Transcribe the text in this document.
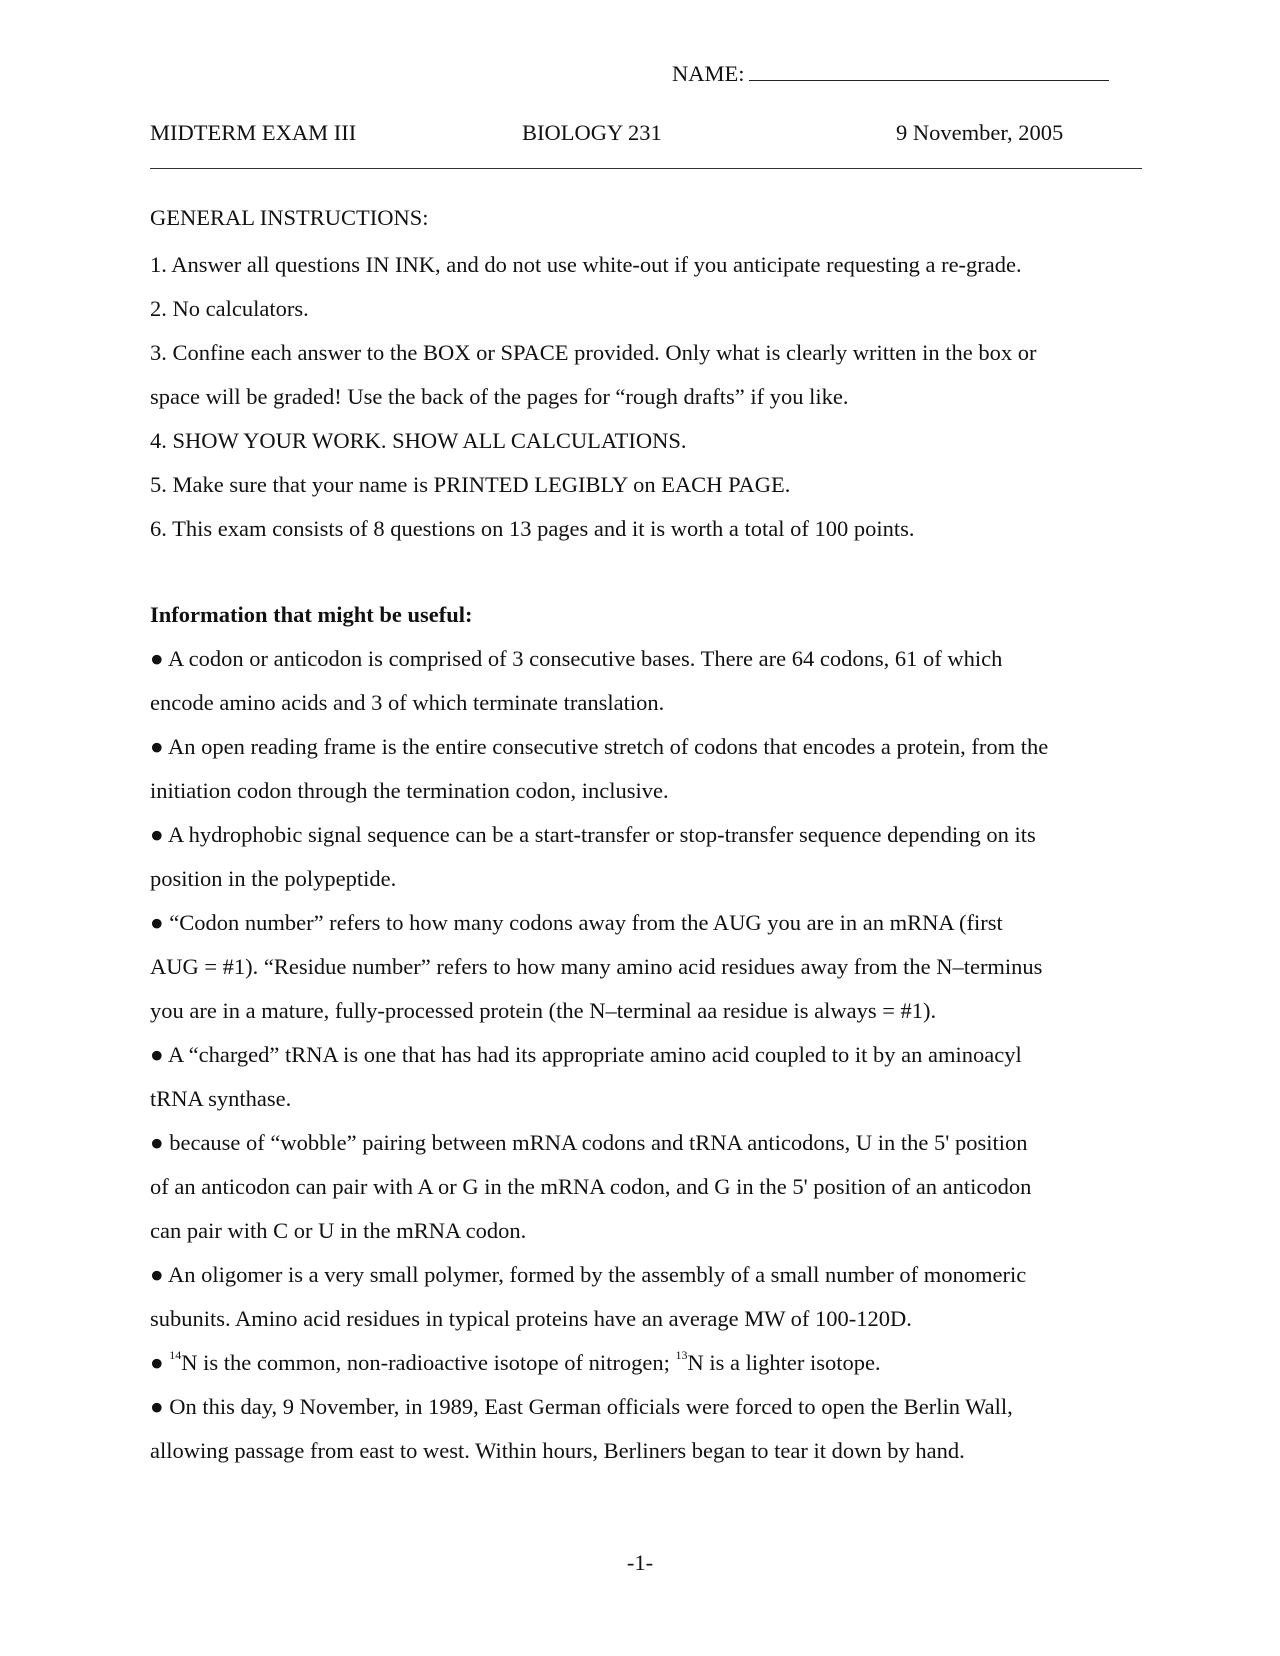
NAME:
MIDTERM EXAM III	BIOLOGY 231	9 November, 2005
GENERAL INSTRUCTIONS:
1. Answer all questions IN INK, and do not use white-out if you anticipate requesting a re-grade.
2. No calculators.
3. Confine each answer to the BOX or SPACE provided. Only what is clearly written in the box or
space will be graded! Use the back of the pages for “rough drafts” if you like.
4. SHOW YOUR WORK. SHOW ALL CALCULATIONS.
5. Make sure that your name is PRINTED LEGIBLY on EACH PAGE.
6. This exam consists of 8 questions on 13 pages and it is worth a total of 100 points.
Information that might be useful:
● A codon or anticodon is comprised of 3 consecutive bases. There are 64 codons, 61 of which
encode amino acids and 3 of which terminate translation.
● An open reading frame is the entire consecutive stretch of codons that encodes a protein, from the
initiation codon through the termination codon, inclusive.
● A hydrophobic signal sequence can be a start-transfer or stop-transfer sequence depending on its
position in the polypeptide.
● “Codon number” refers to how many codons away from the AUG you are in an mRNA (first
AUG = #1). “Residue number” refers to how many amino acid residues away from the N–terminus
you are in a mature, fully-processed protein (the N–terminal aa residue is always = #1).
● A “charged” tRNA is one that has had its appropriate amino acid coupled to it by an aminoacyl
tRNA synthase.
● because of “wobble” pairing between mRNA codons and tRNA anticodons, U in the 5' position
of an anticodon can pair with A or G in the mRNA codon, and G in the 5' position of an anticodon
can pair with C or U in the mRNA codon.
● An oligomer is a very small polymer, formed by the assembly of a small number of monomeric
subunits. Amino acid residues in typical proteins have an average MW of 100-120D.
● $^{14}$N is the common, non-radioactive isotope of nitrogen; $^{13}$N is a lighter isotope.
● On this day, 9 November, in 1989, East German officials were forced to open the Berlin Wall,
allowing passage from east to west. Within hours, Berliners began to tear it down by hand.
-1-
